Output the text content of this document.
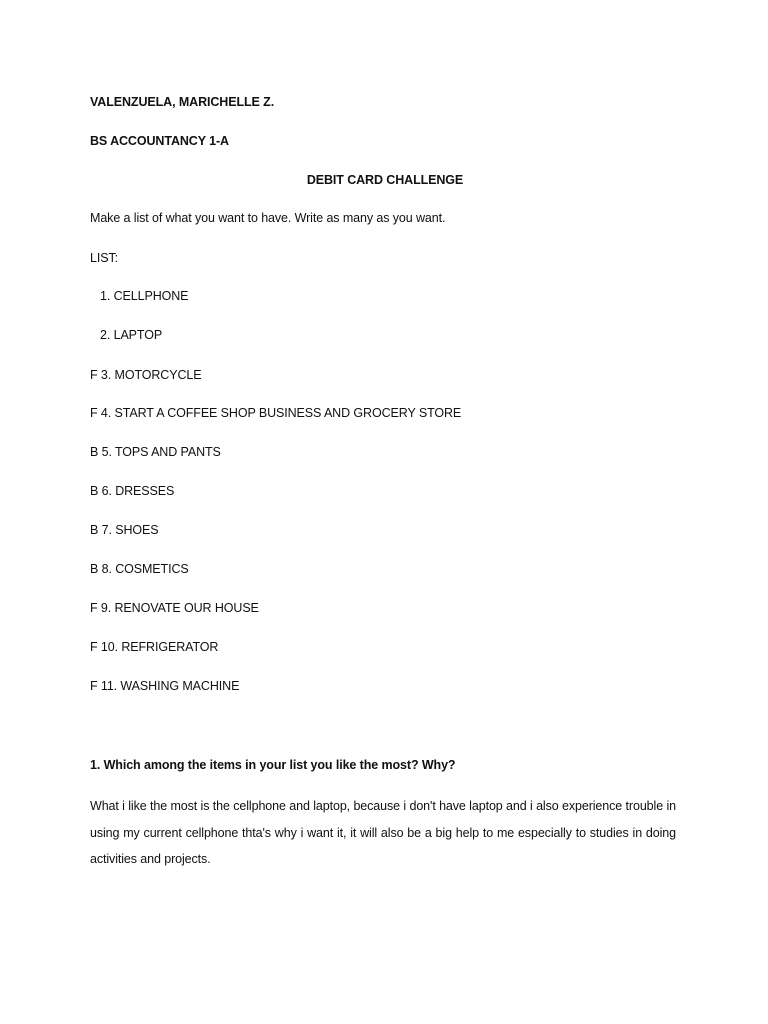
VALENZUELA, MARICHELLE Z.
BS ACCOUNTANCY 1-A
DEBIT CARD CHALLENGE
Make a list of what you want to have. Write as many as you want.
LIST:
1. CELLPHONE
2. LAPTOP
F 3. MOTORCYCLE
F 4. START A COFFEE SHOP BUSINESS AND GROCERY STORE
B 5. TOPS AND PANTS
B 6. DRESSES
B 7. SHOES
B 8. COSMETICS
F 9. RENOVATE OUR HOUSE
F 10. REFRIGERATOR
F 11. WASHING MACHINE
1. Which among the items in your list you like the most? Why?
What i like the most is the cellphone and laptop, because i don't have laptop and i also experience trouble in using my current cellphone thta's why i want it, it will also be a big help to me especially to studies in doing activities and projects.
